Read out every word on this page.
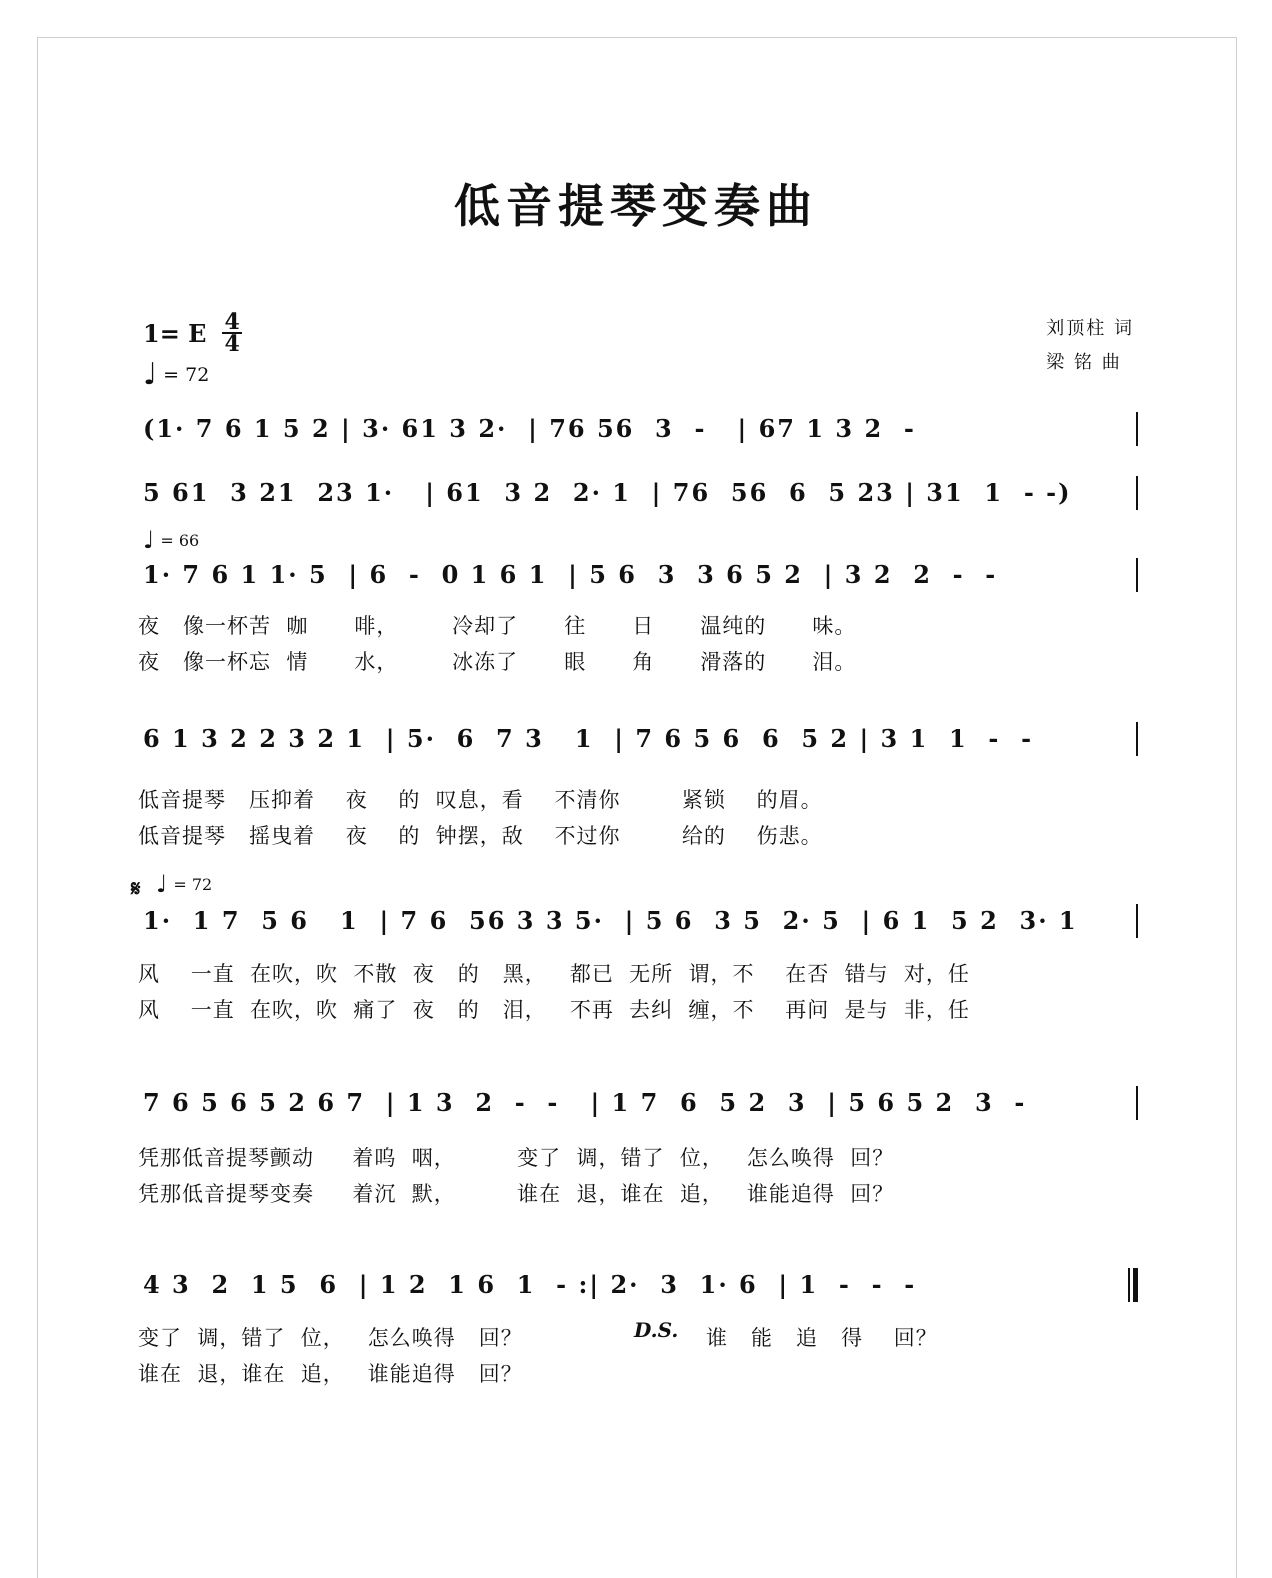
低音提琴变奏曲
1= E $\frac{4}{4}$
♩ = 72
刘顶柱 词
梁 铭 曲
(1· 7 6 1 5 2 | 3· 61 3 2·  | 76 56  3  -   | 67 1 3 2  -
5 61  3 21  23 1·   | 61  3 2  2· 1  | 76  56  6  5 23 | 31  1  - -)
♩ = 66
1· 7 6 1 1· 5  | 6  -  0 1 6 1  | 5 6  3  3 6 5 2  | 3 2  2  -  -
夜   像一杯苦  咖      啡，       冷却了      往      日      温纯的      味。
夜   像一杯忘  情      水，       冰冻了      眼      角      滑落的      泪。
6 1 3 2 2 3 2 1  | 5·  6  7 3   1  | 7 6 5 6  6  5 2 | 3 1  1  -  -
低音提琴   压抑着    夜    的  叹息，看    不清你        紧锁    的眉。
低音提琴   摇曳着    夜    的  钟摆，敌    不过你        给的    伤悲。
𝄋 ♩ = 72
1·  1 7  5 6   1  | 7 6  56 3 3 5·  | 5 6  3 5  2· 5  | 6 1  5 2  3· 1
风    一直  在吹，吹  不散  夜   的   黑，   都已  无所  谓，不    在否  错与  对，任
风    一直  在吹，吹  痛了  夜   的   泪，   不再  去纠  缠，不    再问  是与  非，任
7 6 5 6 5 2 6 7  | 1 3  2  -  -   | 1 7  6  5 2  3  | 5 6 5 2  3  -
凭那低音提琴颤动     着呜  咽，        变了  调，错了  位，   怎么唤得  回？
凭那低音提琴变奏     着沉  默，        谁在  退，谁在  追，   谁能追得  回？
4 3  2  1 5  6  | 1 2  1 6  1  - :| 2·  3  1· 6  | 1  -  -  -
变了  调，错了  位，   怎么唤得   回？	D.S. 谁   能   追   得    回？
谁在  退，谁在  追，   谁能追得   回？
